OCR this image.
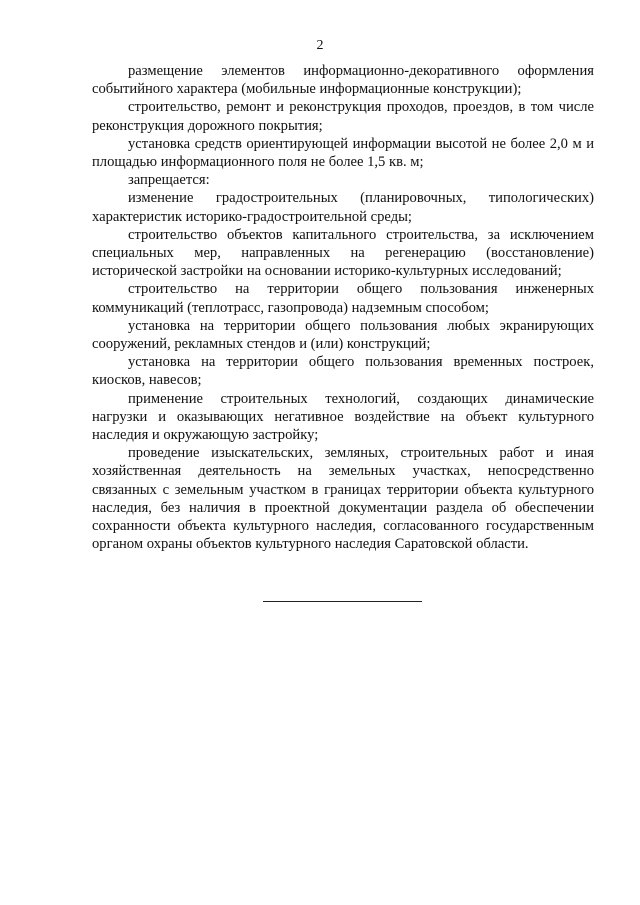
2

размещение элементов информационно-декоративного оформления событийного характера (мобильные информационные конструкции);

строительство, ремонт и реконструкция проходов, проездов, в том числе реконструкция дорожного покрытия;

установка средств ориентирующей информации высотой не более 2,0 м и площадью информационного поля не более 1,5 кв. м;

запрещается:

изменение градостроительных (планировочных, типологических) характеристик историко-градостроительной среды;

строительство объектов капитального строительства, за исключением специальных мер, направленных на регенерацию (восстановление) исторической застройки на основании историко-культурных исследований;

строительство на территории общего пользования инженерных коммуникаций (теплотрасс, газопровода) надземным способом;

установка на территории общего пользования любых экранирующих сооружений, рекламных стендов и (или) конструкций;

установка на территории общего пользования временных построек, киосков, навесов;

применение строительных технологий, создающих динамические нагрузки и оказывающих негативное воздействие на объект культурного наследия и окружающую застройку;

проведение изыскательских, земляных, строительных работ и иная хозяйственная деятельность на земельных участках, непосредственно связанных с земельным участком в границах территории объекта культурного наследия, без наличия в проектной документации раздела об обеспечении сохранности объекта культурного наследия, согласованного государственным органом охраны объектов культурного наследия Саратовской области.
